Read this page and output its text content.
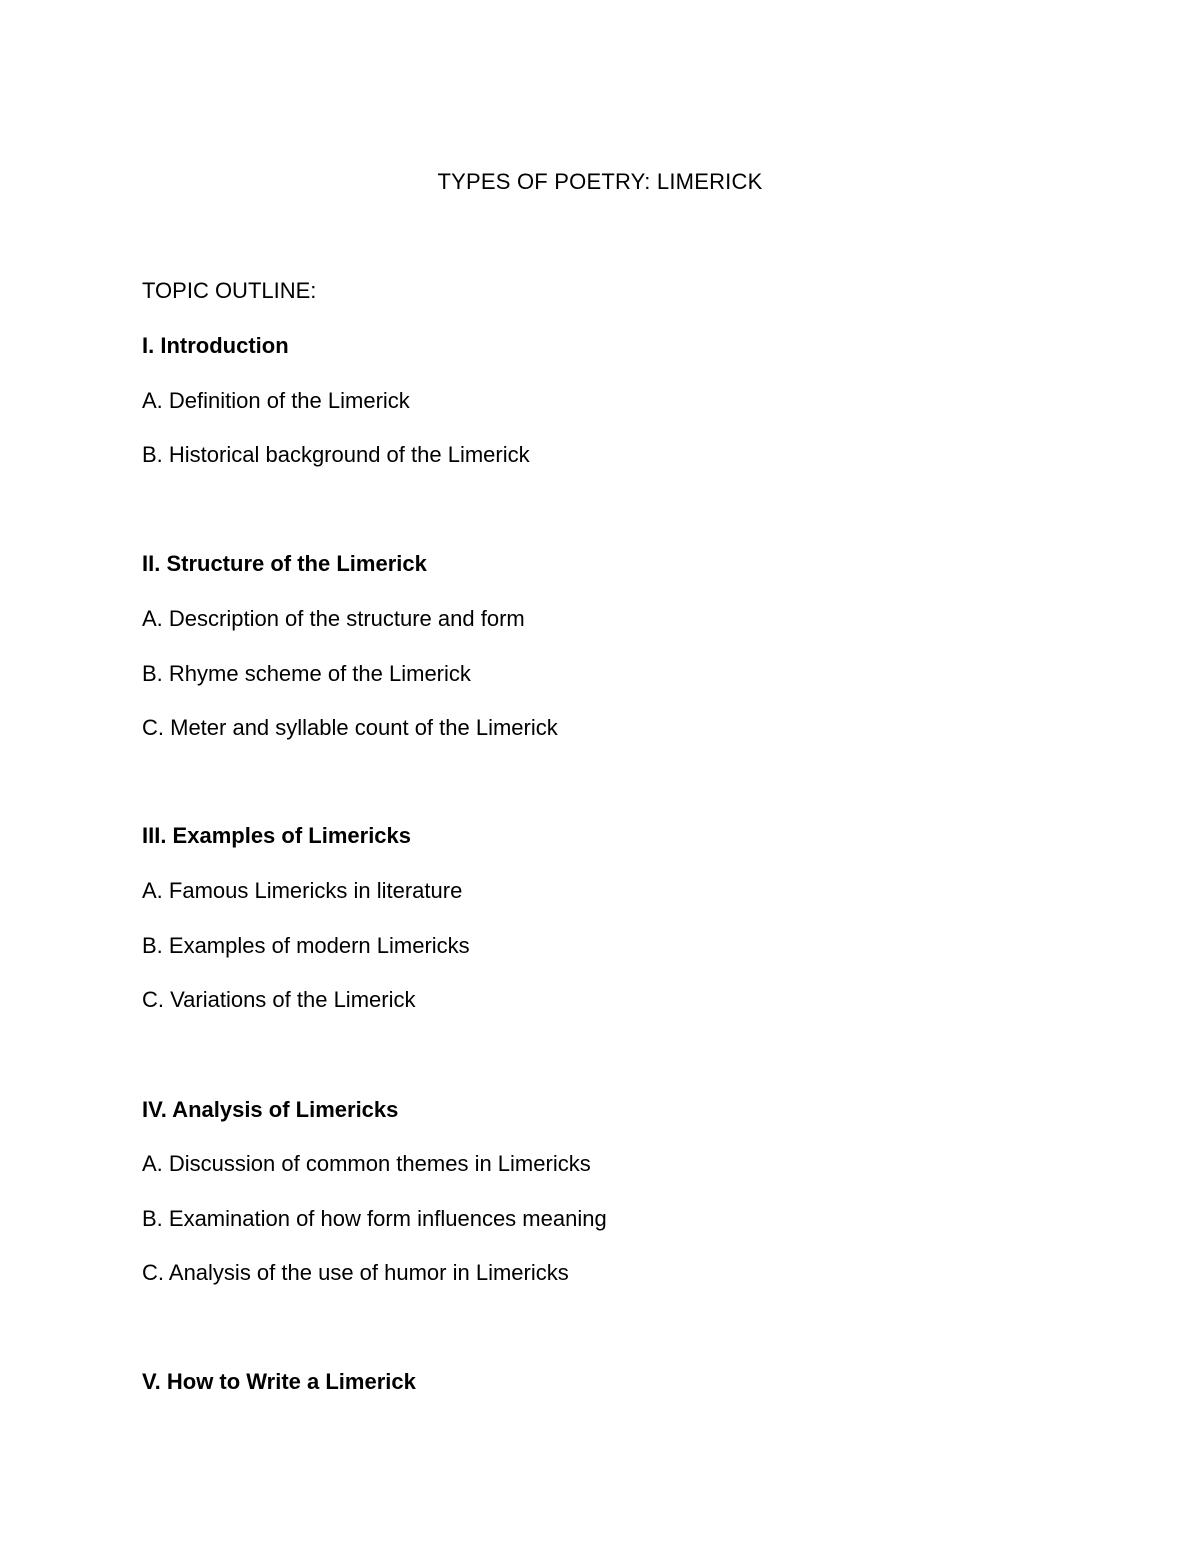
TYPES OF POETRY: LIMERICK
TOPIC OUTLINE:
I. Introduction
A. Definition of the Limerick
B. Historical background of the Limerick
II. Structure of the Limerick
A. Description of the structure and form
B. Rhyme scheme of the Limerick
C. Meter and syllable count of the Limerick
III. Examples of Limericks
A. Famous Limericks in literature
B. Examples of modern Limericks
C. Variations of the Limerick
IV. Analysis of Limericks
A. Discussion of common themes in Limericks
B. Examination of how form influences meaning
C. Analysis of the use of humor in Limericks
V. How to Write a Limerick
